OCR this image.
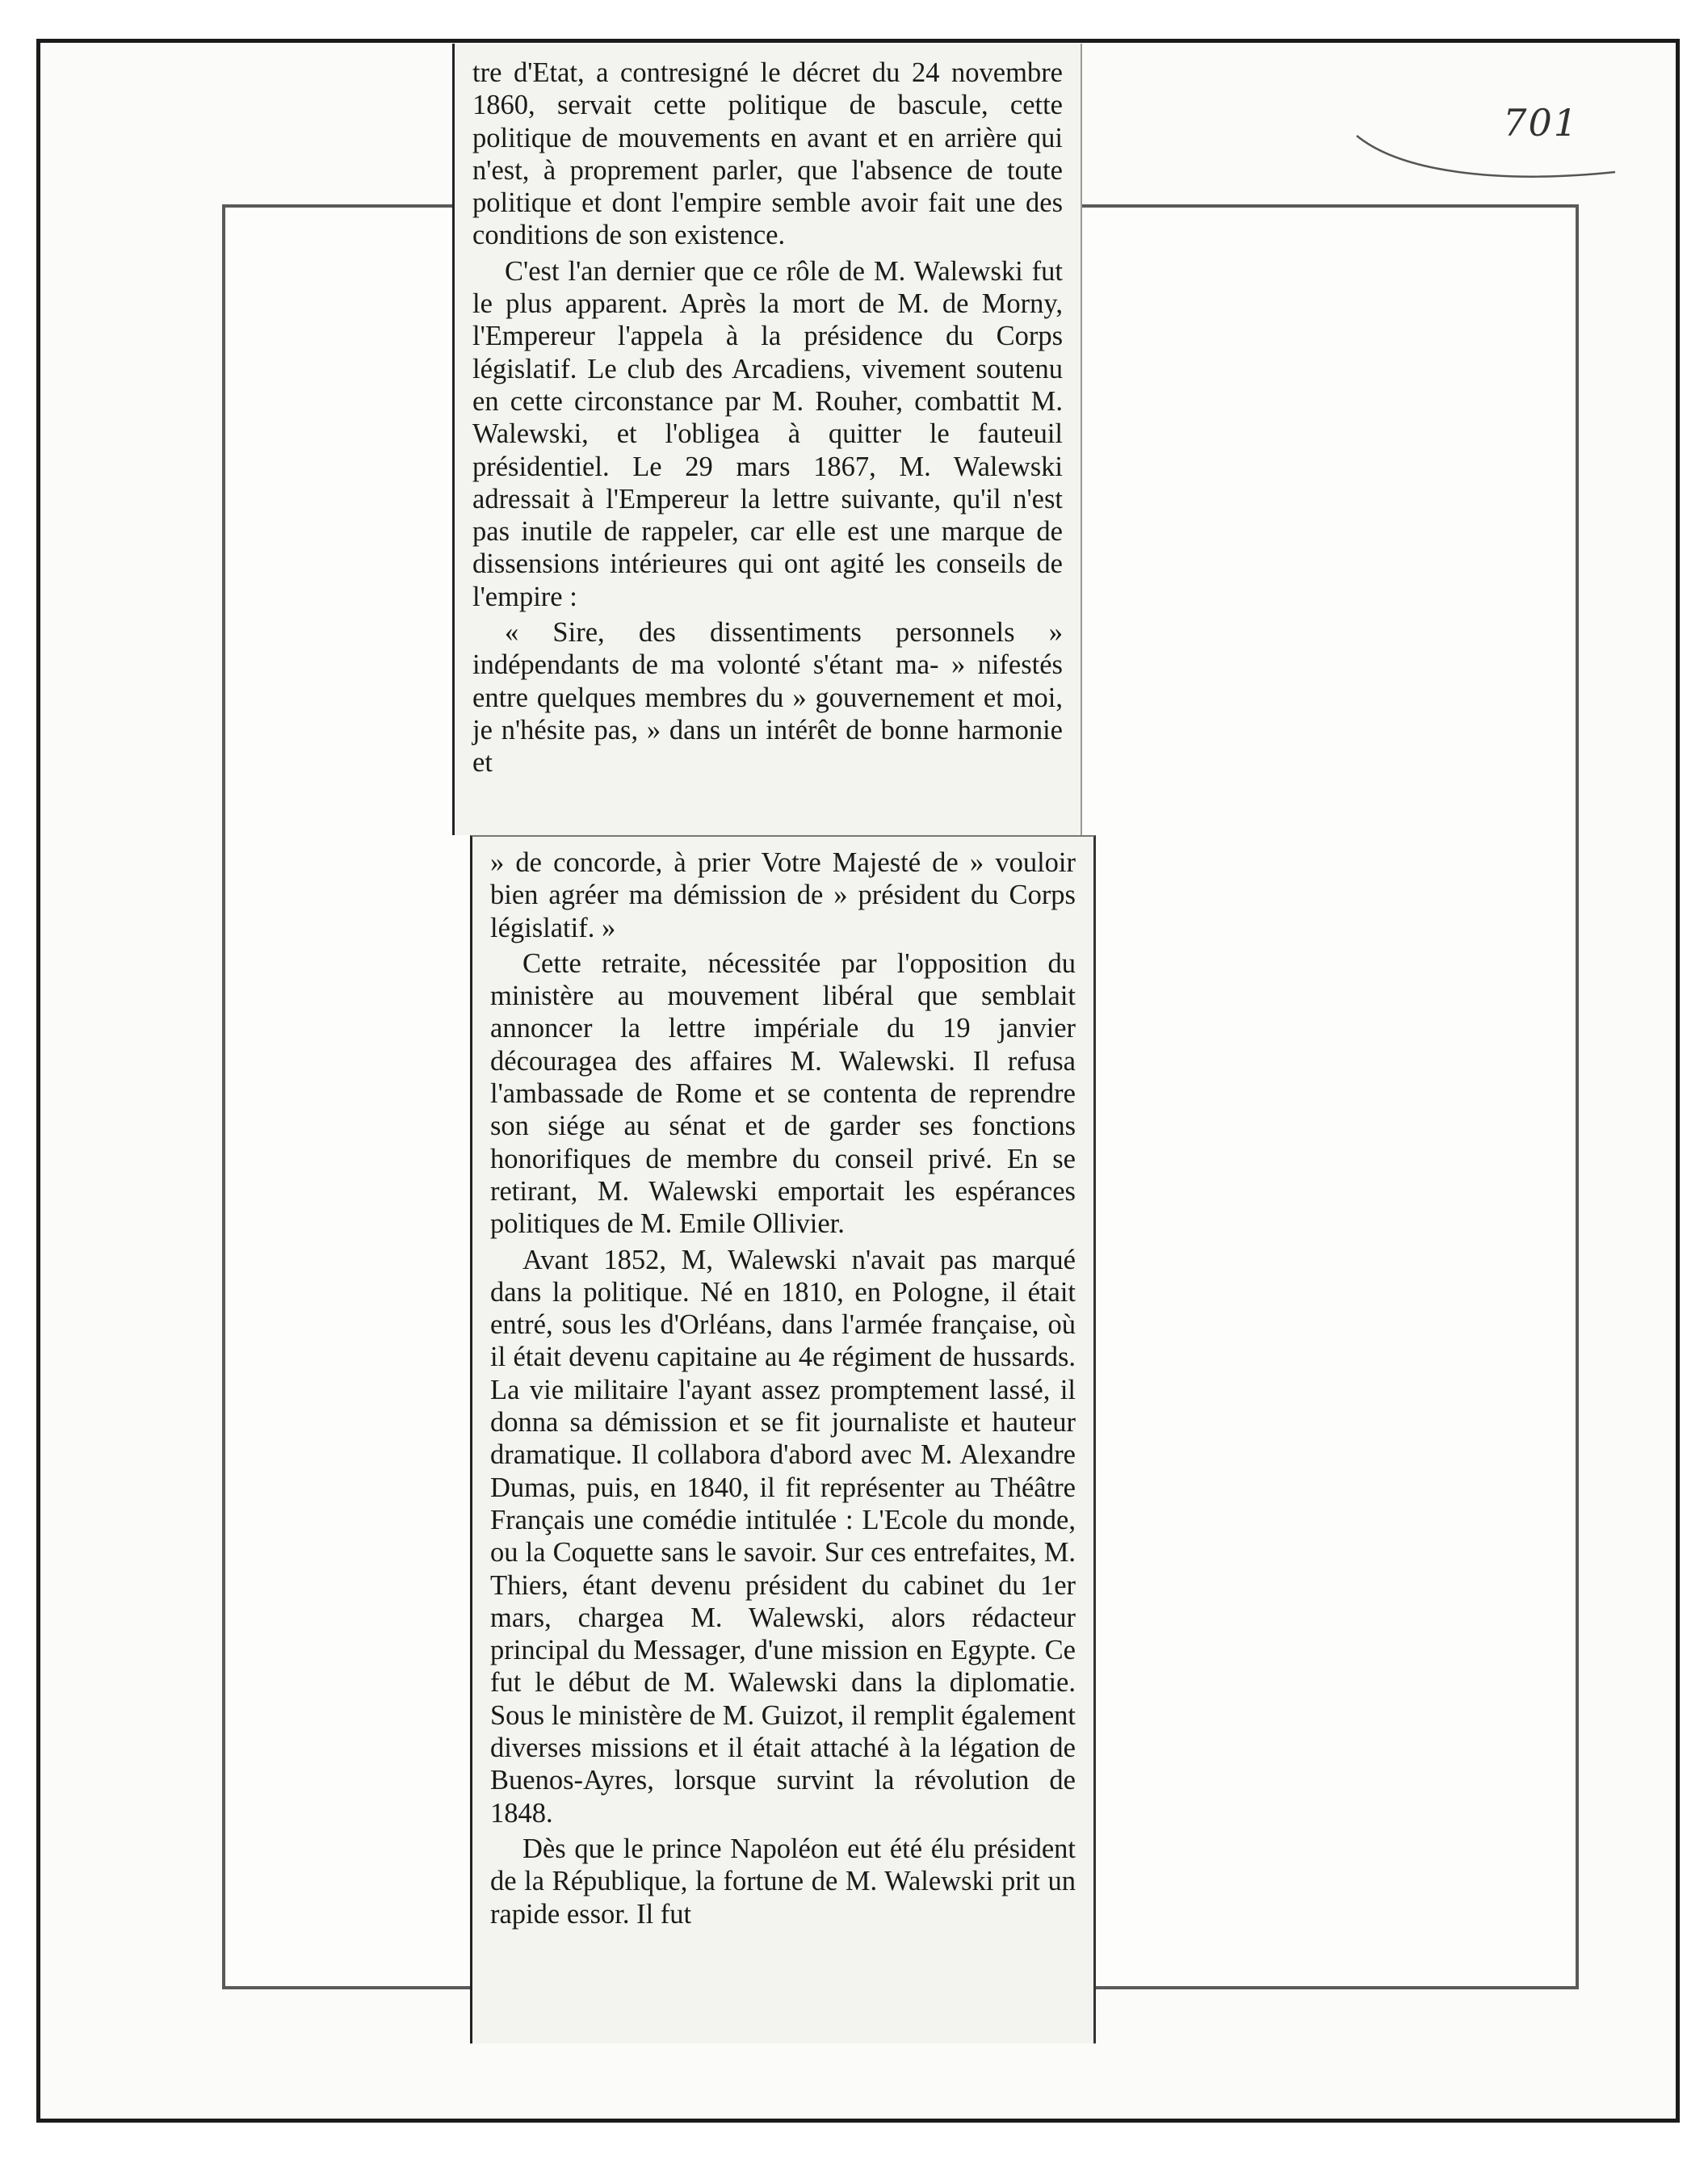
701

tre d'Etat, a contresigné le décret du 24 novembre 1860, servait cette politique de bascule, cette politique de mouvements en avant et en arrière qui n'est, à proprement parler, que l'absence de toute politique et dont l'empire semble avoir fait une des conditions de son existence.

C'est l'an dernier que ce rôle de M. Walewski fut le plus apparent. Après la mort de M. de Morny, l'Empereur l'appela à la présidence du Corps législatif. Le club des Arcadiens, vivement soutenu en cette circonstance par M. Rouher, combattit M. Walewski, et l'obligea à quitter le fauteuil présidentiel. Le 29 mars 1867, M. Walewski adressait à l'Empereur la lettre suivante, qu'il n'est pas inutile de rappeler, car elle est une marque de dissensions intérieures qui ont agité les conseils de l'empire :

« Sire, des dissentiments personnels » indépendants de ma volonté s'étant ma- » nifestés entre quelques membres du » gouvernement et moi, je n'hésite pas, » dans un intérêt de bonne harmonie et

» de concorde, à prier Votre Majesté de » vouloir bien agréer ma démission de » président du Corps législatif. »

Cette retraite, nécessitée par l'opposition du ministère au mouvement libéral que semblait annoncer la lettre impériale du 19 janvier découragea des affaires M. Walewski. Il refusa l'ambassade de Rome et se contenta de reprendre son siége au sénat et de garder ses fonctions honorifiques de membre du conseil privé. En se retirant, M. Walewski emportait les espérances politiques de M. Emile Ollivier.

Avant 1852, M, Walewski n'avait pas marqué dans la politique. Né en 1810, en Pologne, il était entré, sous les d'Orléans, dans l'armée française, où il était devenu capitaine au 4e régiment de hussards. La vie militaire l'ayant assez promptement lassé, il donna sa démission et se fit journaliste et hauteur dramatique. Il collabora d'abord avec M. Alexandre Dumas, puis, en 1840, il fit représenter au Théâtre Français une comédie intitulée : L'Ecole du monde, ou la Coquette sans le savoir. Sur ces entrefaites, M. Thiers, étant devenu président du cabinet du 1er mars, chargea M. Walewski, alors rédacteur principal du Messager, d'une mission en Egypte. Ce fut le début de M. Walewski dans la diplomatie. Sous le ministère de M. Guizot, il remplit également diverses missions et il était attaché à la légation de Buenos-Ayres, lorsque survint la révolution de 1848.

Dès que le prince Napoléon eut été élu président de la République, la fortune de M. Walewski prit un rapide essor. Il fut
